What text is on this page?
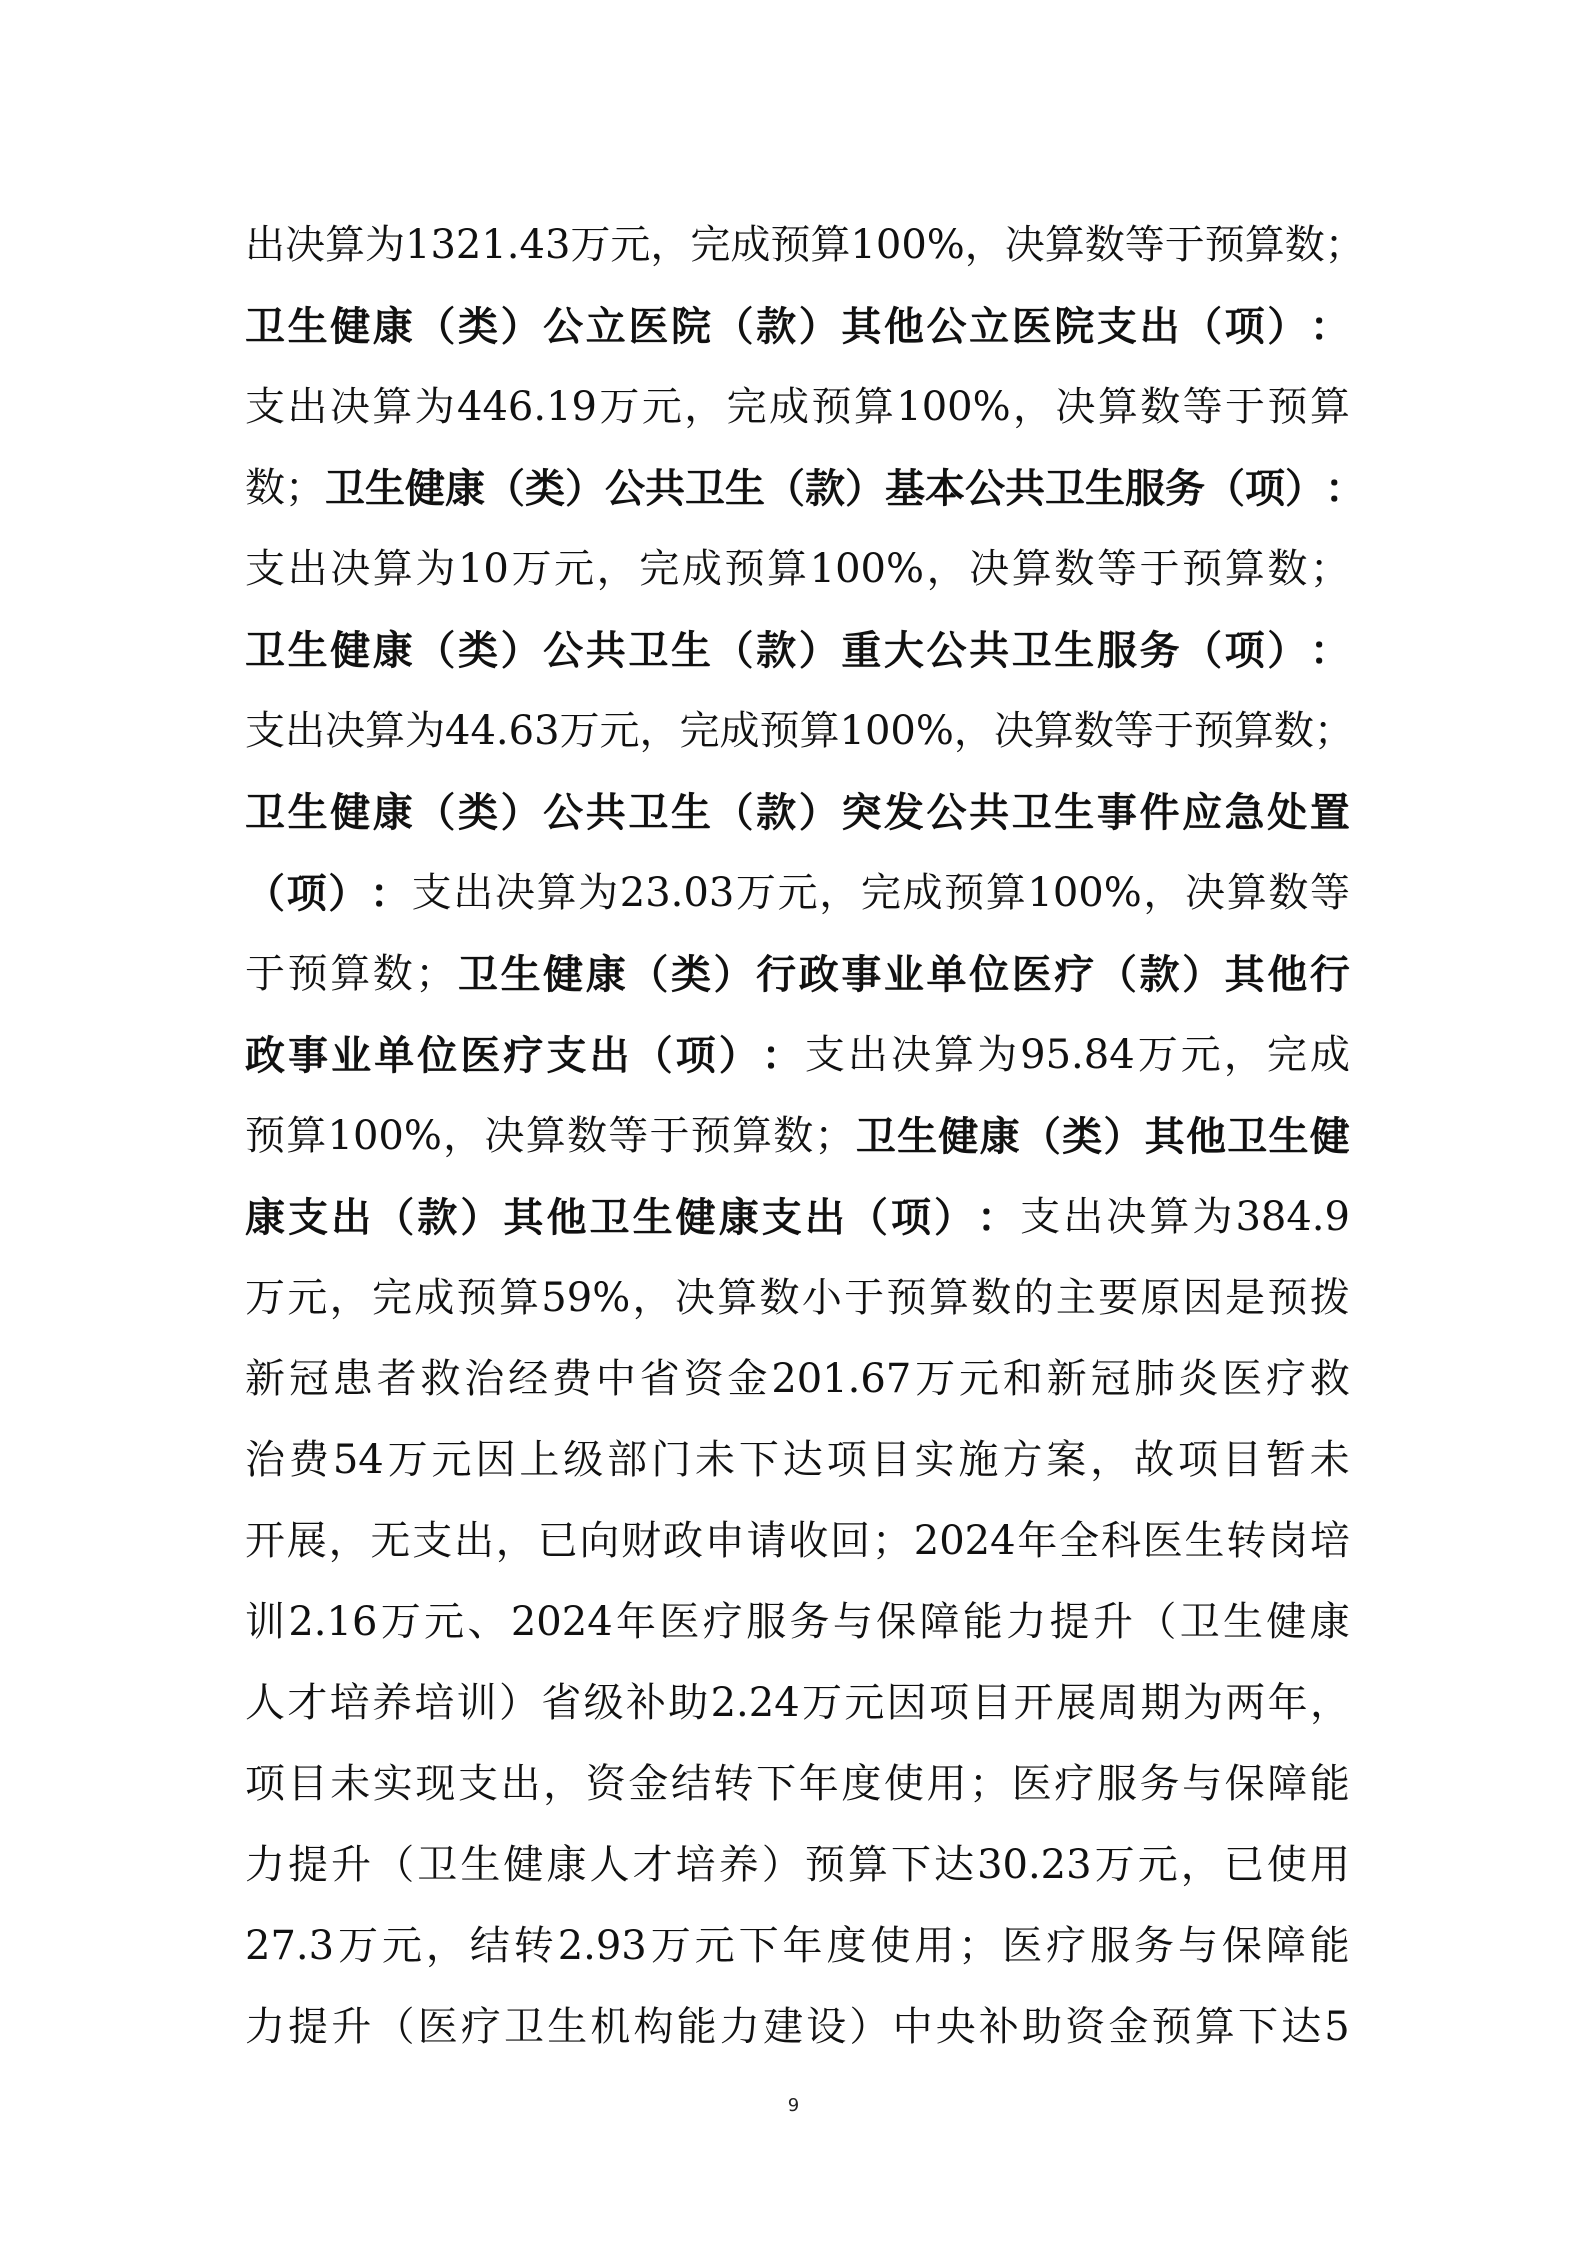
出 决 算 为 1321.43 万 元 ， 完 成 预 算 100% ， 决 算 数 等 于 预 算 数 ；
卫 生 健 康 （ 类 ） 公 立 医 院 （ 款 ） 其 他 公 立 医 院 支 出 （ 项 ） ：
支 出 决 算 为 446.19 万 元 ， 完 成 预 算 100% ， 决 算 数 等 于 预 算
数 ； 卫 生 健 康 （ 类 ） 公 共 卫 生 （ 款 ） 基 本 公 共 卫 生 服 务 （ 项 ） ：
支 出 决 算 为 10 万 元 ， 完 成 预 算 100% ， 决 算 数 等 于 预 算 数 ；
卫 生 健 康 （ 类 ） 公 共 卫 生 （ 款 ） 重 大 公 共 卫 生 服 务 （ 项 ） ：
支 出 决 算 为 44.63 万 元 ， 完 成 预 算 100% ， 决 算 数 等 于 预 算 数 ；
卫 生 健 康 （ 类 ） 公 共 卫 生 （ 款 ） 突 发 公 共 卫 生 事 件 应 急 处 置
（ 项 ） ： 支 出 决 算 为 23.03 万 元 ， 完 成 预 算 100% ， 决 算 数 等
于 预 算 数 ； 卫 生 健 康 （ 类 ） 行 政 事 业 单 位 医 疗 （ 款 ） 其 他 行
政 事 业 单 位 医 疗 支 出 （ 项 ） ： 支 出 决 算 为 95.84 万 元 ， 完 成
预 算 100% ， 决 算 数 等 于 预 算 数 ； 卫 生 健 康 （ 类 ） 其 他 卫 生 健
康 支 出 （ 款 ） 其 他 卫 生 健 康 支 出 （ 项 ） ： 支 出 决 算 为 384.9
万 元 ， 完 成 预 算 59% ， 决 算 数 小 于 预 算 数 的 主 要 原 因 是 预 拨
新 冠 患 者 救 治 经 费 中 省 资 金 201.67 万 元 和 新 冠 肺 炎 医 疗 救
治 费 54 万 元 因 上 级 部 门 未 下 达 项 目 实 施 方 案 ， 故 项 目 暂 未
开 展 ， 无 支 出 ， 已 向 财 政 申 请 收 回 ； 2024 年 全 科 医 生 转 岗 培
训 2.16 万 元 、 2024 年 医 疗 服 务 与 保 障 能 力 提 升 （ 卫 生 健 康
人 才 培 养 培 训 ） 省 级 补 助 2.24 万 元 因 项 目 开 展 周 期 为 两 年 ，
项 目 未 实 现 支 出 ， 资 金 结 转 下 年 度 使 用 ； 医 疗 服 务 与 保 障 能
力 提 升 （ 卫 生 健 康 人 才 培 养 ） 预 算 下 达 30.23 万 元 ， 已 使 用
27.3 万 元 ， 结 转 2.93 万 元 下 年 度 使 用 ； 医 疗 服 务 与 保 障 能
力 提 升 （ 医 疗 卫 生 机 构 能 力 建 设 ） 中 央 补 助 资 金 预 算 下 达 5
9
